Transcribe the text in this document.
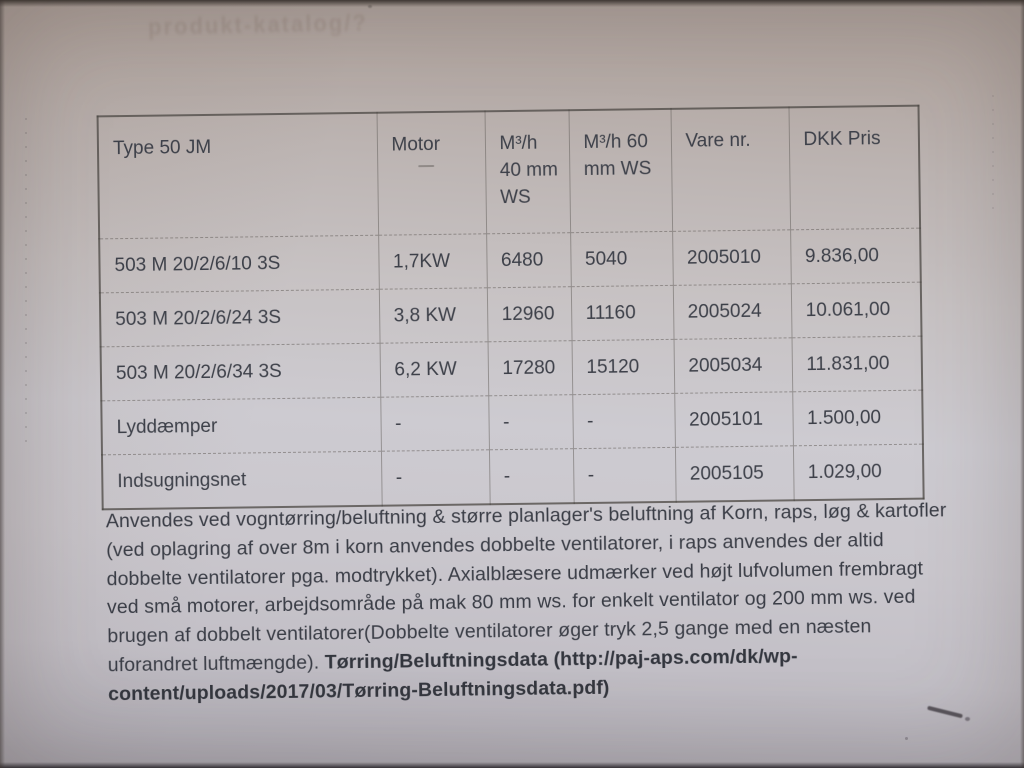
produkt-katalog/?
Type 50 JM	Motor	M³/h 40 mm WS	M³/h 60 mm WS	Vare nr.	DKK Pris
503 M 20/2/6/10 3S	1,7KW	6480	5040	2005010	9.836,00
503 M 20/2/6/24 3S	3,8 KW	12960	11160	2005024	10.061,00
503 M 20/2/6/34 3S	6,2 KW	17280	15120	2005034	11.831,00
Lyddæmper	-	-	-	2005101	1.500,00
Indsugningsnet	-	-	-	2005105	1.029,00

Anvendes ved vogntørring/beluftning & større planlager's beluftning af Korn, raps, løg & kartofler (ved oplagring af over 8m i korn anvendes dobbelte ventilatorer, i raps anvendes der altid dobbelte ventilatorer pga. modtrykket). Axialblæsere udmærker ved højt lufvolumen frembragt ved små motorer, arbejdsområde på mak 80 mm ws. for enkelt ventilator og 200 mm ws. ved brugen af dobbelt ventilatorer(Dobbelte ventilatorer øger tryk 2,5 gange med en næsten uforandret luftmængde). Tørring/Beluftningsdata (http://paj-aps.com/dk/wp-content/uploads/2017/03/Tørring-Beluftningsdata.pdf)
